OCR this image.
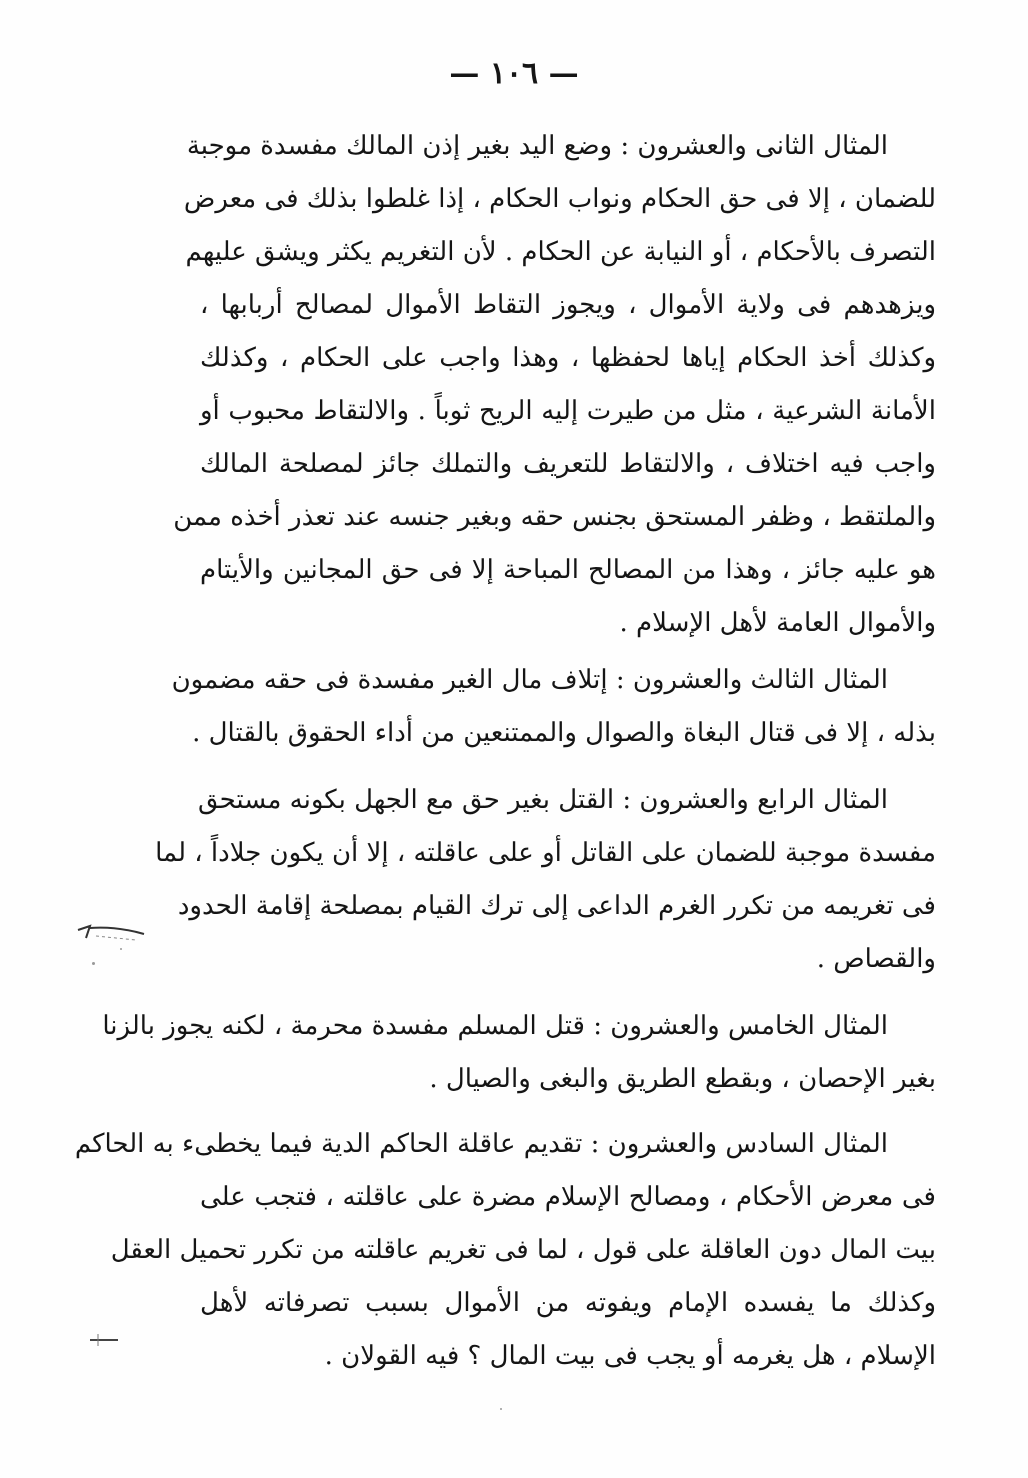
— ١٠٦ —
المثال الثانى والعشرون : وضع اليد بغير إذن المالك مفسدة موجبة
للضمان ، إلا فى حق الحكام ونواب الحكام ، إذا غلطوا بذلك فى معرض
التصرف بالأحكام ، أو النيابة عن الحكام . لأن التغريم يكثر ويشق عليهم
ويزهدهم فى ولاية الأموال ، ويجوز التقاط الأموال لمصالح أربابها ،
وكذلك أخذ الحكام إياها لحفظها ، وهذا واجب على الحكام ، وكذلك
الأمانة الشرعية ، مثل من طيرت إليه الريح ثوباً . والالتقاط محبوب أو
واجب فيه اختلاف ، والالتقاط للتعريف والتملك جائز لمصلحة المالك
والملتقط ، وظفر المستحق بجنس حقه وبغير جنسه عند تعذر أخذه ممن
هو عليه جائز ، وهذا من المصالح المباحة إلا فى حق المجانين والأيتام
والأموال العامة لأهل الإسلام .
المثال الثالث والعشرون : إتلاف مال الغير مفسدة فى حقه مضمون
بذله ، إلا فى قتال البغاة والصوال والممتنعين من أداء الحقوق بالقتال .
المثال الرابع والعشرون : القتل بغير حق مع الجهل بكونه مستحق
مفسدة موجبة للضمان على القاتل أو على عاقلته ، إلا أن يكون جلاداً ، لما
فى تغريمه من تكرر الغرم الداعى إلى ترك القيام بمصلحة إقامة الحدود
والقصاص .
المثال الخامس والعشرون : قتل المسلم مفسدة محرمة ، لكنه يجوز بالزنا
بغير الإحصان ، وبقطع الطريق والبغى والصيال .
المثال السادس والعشرون : تقديم عاقلة الحاكم الدية فيما يخطىء به الحاكم
فى معرض الأحكام ، ومصالح الإسلام مضرة على عاقلته ، فتجب على
بيت المال دون العاقلة على قول ، لما فى تغريم عاقلته من تكرر تحميل العقل
وكذلك ما يفسده الإمام ويفوته من الأموال بسبب تصرفاته لأهل
الإسلام ، هل يغرمه أو يجب فى بيت المال ؟ فيه القولان .
